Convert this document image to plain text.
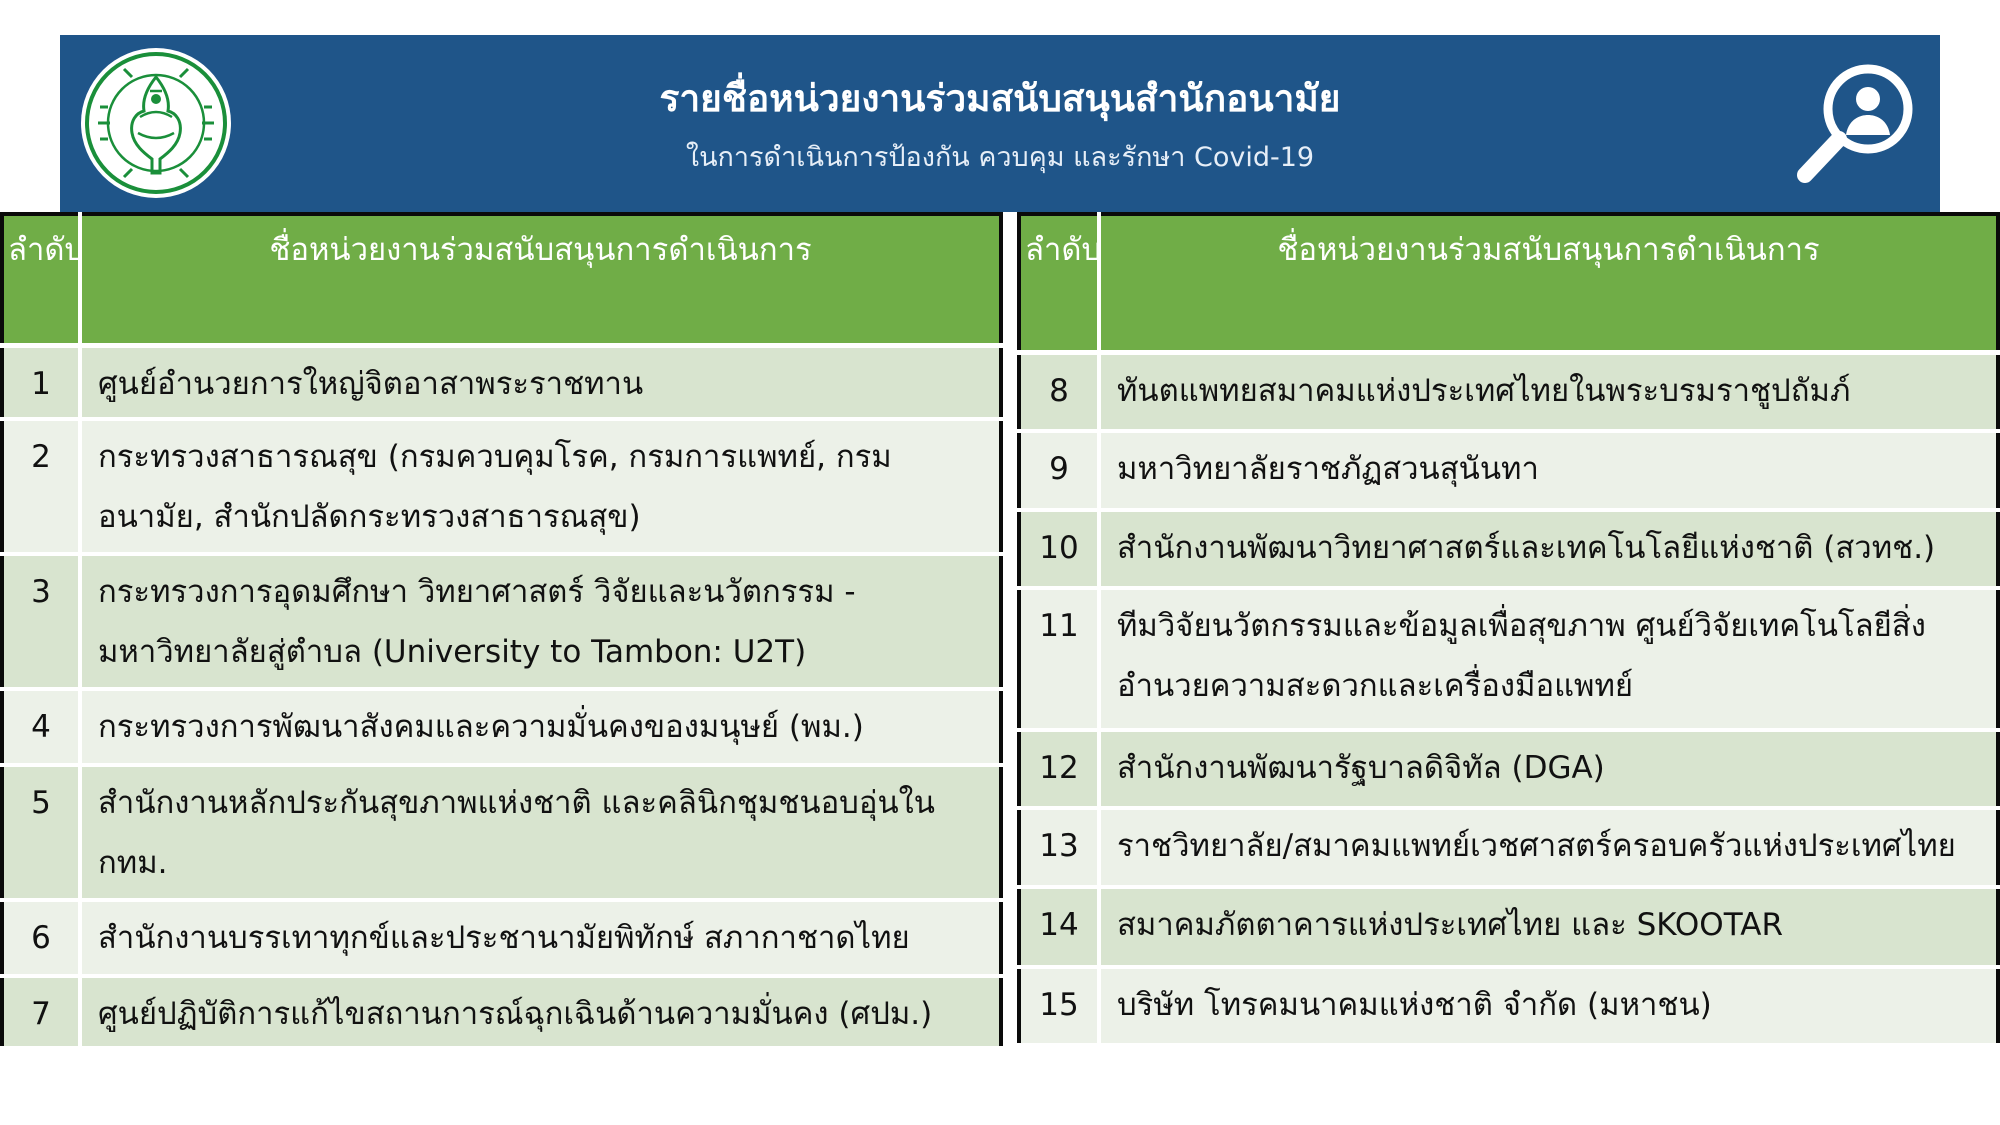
รายชื่อหน่วยงานร่วมสนับสนุนสำนักอนามัย
ในการดำเนินการป้องกัน ควบคุม และรักษา Covid-19
ลำดับ	ชื่อหน่วยงานร่วมสนับสนุนการดำเนินการ
1	ศูนย์อำนวยการใหญ่จิตอาสาพระราชทาน
2	กระทรวงสาธารณสุข (กรมควบคุมโรค, กรมการแพทย์, กรมอนามัย, สำนักปลัดกระทรวงสาธารณสุข)
3	กระทรวงการอุดมศึกษา วิทยาศาสตร์ วิจัยและนวัตกรรม - มหาวิทยาลัยสู่ตำบล (University to Tambon: U2T)
4	กระทรวงการพัฒนาสังคมและความมั่นคงของมนุษย์ (พม.)
5	สำนักงานหลักประกันสุขภาพแห่งชาติ และคลินิกชุมชนอบอุ่นใน กทม.
6	สำนักงานบรรเทาทุกข์และประชานามัยพิทักษ์ สภากาชาดไทย
7	ศูนย์ปฏิบัติการแก้ไขสถานการณ์ฉุกเฉินด้านความมั่นคง (ศปม.)
ลำดับ	ชื่อหน่วยงานร่วมสนับสนุนการดำเนินการ
8	ทันตแพทยสมาคมแห่งประเทศไทยในพระบรมราชูปถัมภ์
9	มหาวิทยาลัยราชภัฏสวนสุนันทา
10	สำนักงานพัฒนาวิทยาศาสตร์และเทคโนโลยีแห่งชาติ (สวทช.)
11	ทีมวิจัยนวัตกรรมและข้อมูลเพื่อสุขภาพ ศูนย์วิจัยเทคโนโลยีสิ่งอำนวยความสะดวกและเครื่องมือแพทย์
12	สำนักงานพัฒนารัฐบาลดิจิทัล (DGA)
13	ราชวิทยาลัย/สมาคมแพทย์เวชศาสตร์ครอบครัวแห่งประเทศไทย
14	สมาคมภัตตาคารแห่งประเทศไทย และ SKOOTAR
15	บริษัท โทรคมนาคมแห่งชาติ จำกัด (มหาชน)
